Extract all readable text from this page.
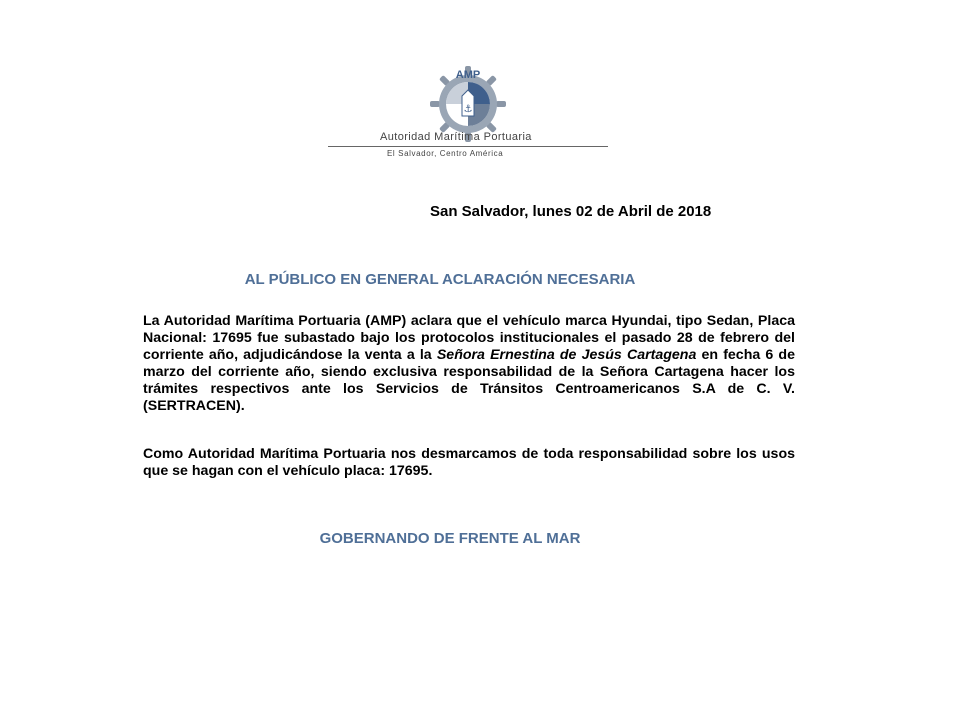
⚓
AMP
Autoridad Marítima Portuaria
El Salvador, Centro América
San Salvador, lunes 02 de Abril de 2018
AL PÚBLICO EN GENERAL ACLARACIÓN NECESARIA
La Autoridad Marítima Portuaria (AMP) aclara que el vehículo marca Hyundai, tipo Sedan, Placa Nacional: 17695 fue subastado bajo los protocolos institucionales el pasado 28 de febrero del corriente año, adjudicándose la venta a la Señora Ernestina de Jesús Cartagena en fecha 6 de marzo del corriente año, siendo exclusiva responsabilidad de la Señora Cartagena hacer los trámites respectivos ante los Servicios de Tránsitos Centroamericanos S.A de C. V. (SERTRACEN).
Como Autoridad Marítima Portuaria nos desmarcamos de toda responsabilidad sobre los usos que se hagan con el vehículo placa: 17695.
GOBERNANDO DE FRENTE AL MAR
